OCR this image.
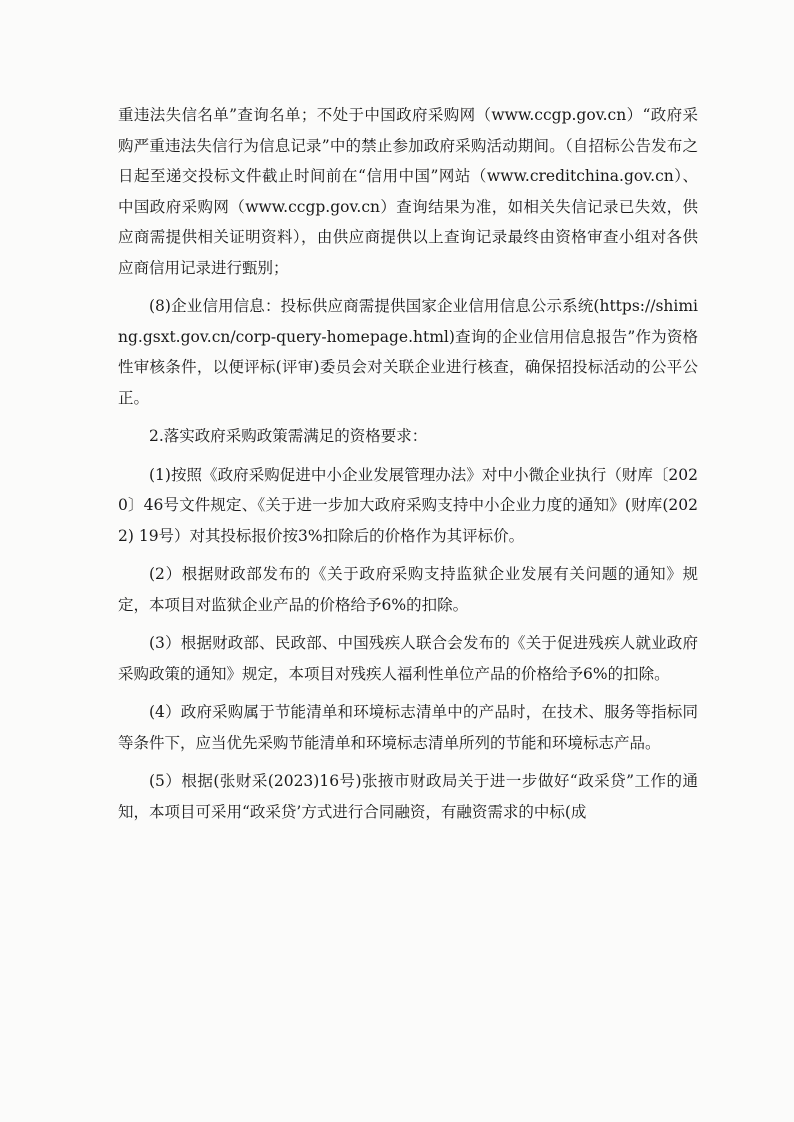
重违法失信名单”查询名单；不处于中国政府采购网（www.ccgp.gov.cn）“政府采购严重违法失信行为信息记录”中的禁止参加政府采购活动期间。（自招标公告发布之日起至递交投标文件截止时间前在“信用中国”网站（www.creditchina.gov.cn）、中国政府采购网（www.ccgp.gov.cn）查询结果为准，如相关失信记录已失效，供应商需提供相关证明资料），由供应商提供以上查询记录最终由资格审查小组对各供应商信用记录进行甄别；

(8)企业信用信息：投标供应商需提供国家企业信用信息公示系统(https://shiming.gsxt.gov.cn/corp-query-homepage.html)查询的企业信用信息报告”作为资格性审核条件，以便评标(评审)委员会对关联企业进行核查，确保招投标活动的公平公正。

2.落实政府采购政策需满足的资格要求：

(1)按照《政府采购促进中小企业发展管理办法》对中小微企业执行（财库〔2020〕46号文件规定、《关于进一步加大政府采购支持中小企业力度的通知》(财库(2022) 19号）对其投标报价按3%扣除后的价格作为其评标价。

(2）根据财政部发布的《关于政府采购支持监狱企业发展有关问题的通知》规定，本项目对监狱企业产品的价格给予6%的扣除。

(3）根据财政部、民政部、中国残疾人联合会发布的《关于促进残疾人就业政府采购政策的通知》规定，本项目对残疾人福利性单位产品的价格给予6%的扣除。

(4）政府采购属于节能清单和环境标志清单中的产品时，在技术、服务等指标同等条件下，应当优先采购节能清单和环境标志清单所列的节能和环境标志产品。

(5）根据(张财采(2023)16号)张掖市财政局关于进一步做好“政采贷”工作的通知，本项目可采用“政采贷’方式进行合同融资，有融资需求的中标(成
